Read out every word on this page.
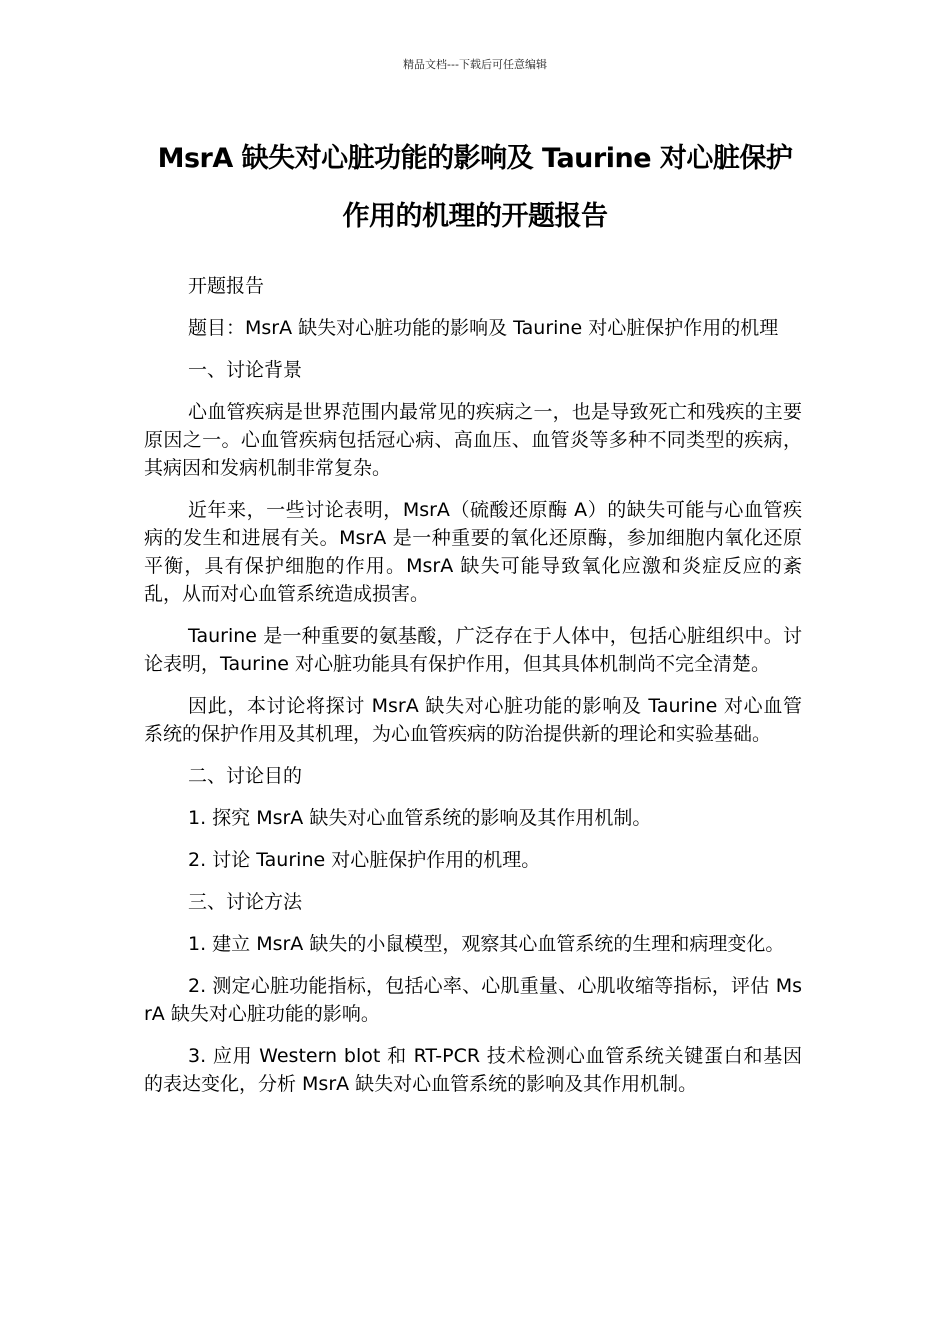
精品文档---下载后可任意编辑
MsrA 缺失对心脏功能的影响及 Taurine 对心脏保护
作用的机理的开题报告

开题报告

题目：MsrA 缺失对心脏功能的影响及 Taurine 对心脏保护作用的机理

一、讨论背景

心血管疾病是世界范围内最常见的疾病之一，也是导致死亡和残疾的主要原因之一。心血管疾病包括冠心病、高血压、血管炎等多种不同类型的疾病，其病因和发病机制非常复杂。

近年来，一些讨论表明，MsrA（硫酸还原酶 A）的缺失可能与心血管疾病的发生和进展有关。MsrA 是一种重要的氧化还原酶，参加细胞内氧化还原平衡，具有保护细胞的作用。MsrA 缺失可能导致氧化应激和炎症反应的紊乱，从而对心血管系统造成损害。

Taurine 是一种重要的氨基酸，广泛存在于人体中，包括心脏组织中。讨论表明，Taurine 对心脏功能具有保护作用，但其具体机制尚不完全清楚。

因此，本讨论将探讨 MsrA 缺失对心脏功能的影响及 Taurine 对心血管系统的保护作用及其机理，为心血管疾病的防治提供新的理论和实验基础。

二、讨论目的

1. 探究 MsrA 缺失对心血管系统的影响及其作用机制。

2. 讨论 Taurine 对心脏保护作用的机理。

三、讨论方法

1. 建立 MsrA 缺失的小鼠模型，观察其心血管系统的生理和病理变化。

2. 测定心脏功能指标，包括心率、心肌重量、心肌收缩等指标，评估 MsrA 缺失对心脏功能的影响。

3. 应用 Western blot 和 RT-PCR 技术检测心血管系统关键蛋白和基因的表达变化，分析 MsrA 缺失对心血管系统的影响及其作用机制。
